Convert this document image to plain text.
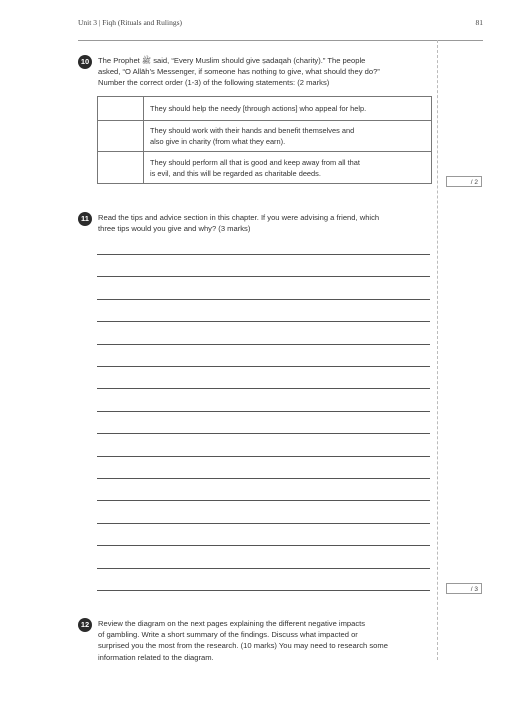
Unit 3 | Fiqh (Rituals and Rulings)	81
10	The Prophet ﷺ said, “Every Muslim should give ṣadaqah (charity).” The people
asked, “O Allāh’s Messenger, if someone has nothing to give, what should they do?”
Number the correct order (1-3) of the following statements: (2 marks)

	They should help the needy [through actions] who appeal for help.

	They should work with their hands and benefit themselves and
also give in charity (from what they earn).

	They should perform all that is good and keep away from all that
is evil, and this will be regarded as charitable deeds.
/ 2
11	Read the tips and advice section in this chapter. If you were advising a friend, which
three tips would you give and why? (3 marks)
/ 3
12	Review the diagram on the next pages explaining the different negative impacts
of gambling. Write a short summary of the findings. Discuss what impacted or
surprised you the most from the research. (10 marks) You may need to research some
information related to the diagram.
